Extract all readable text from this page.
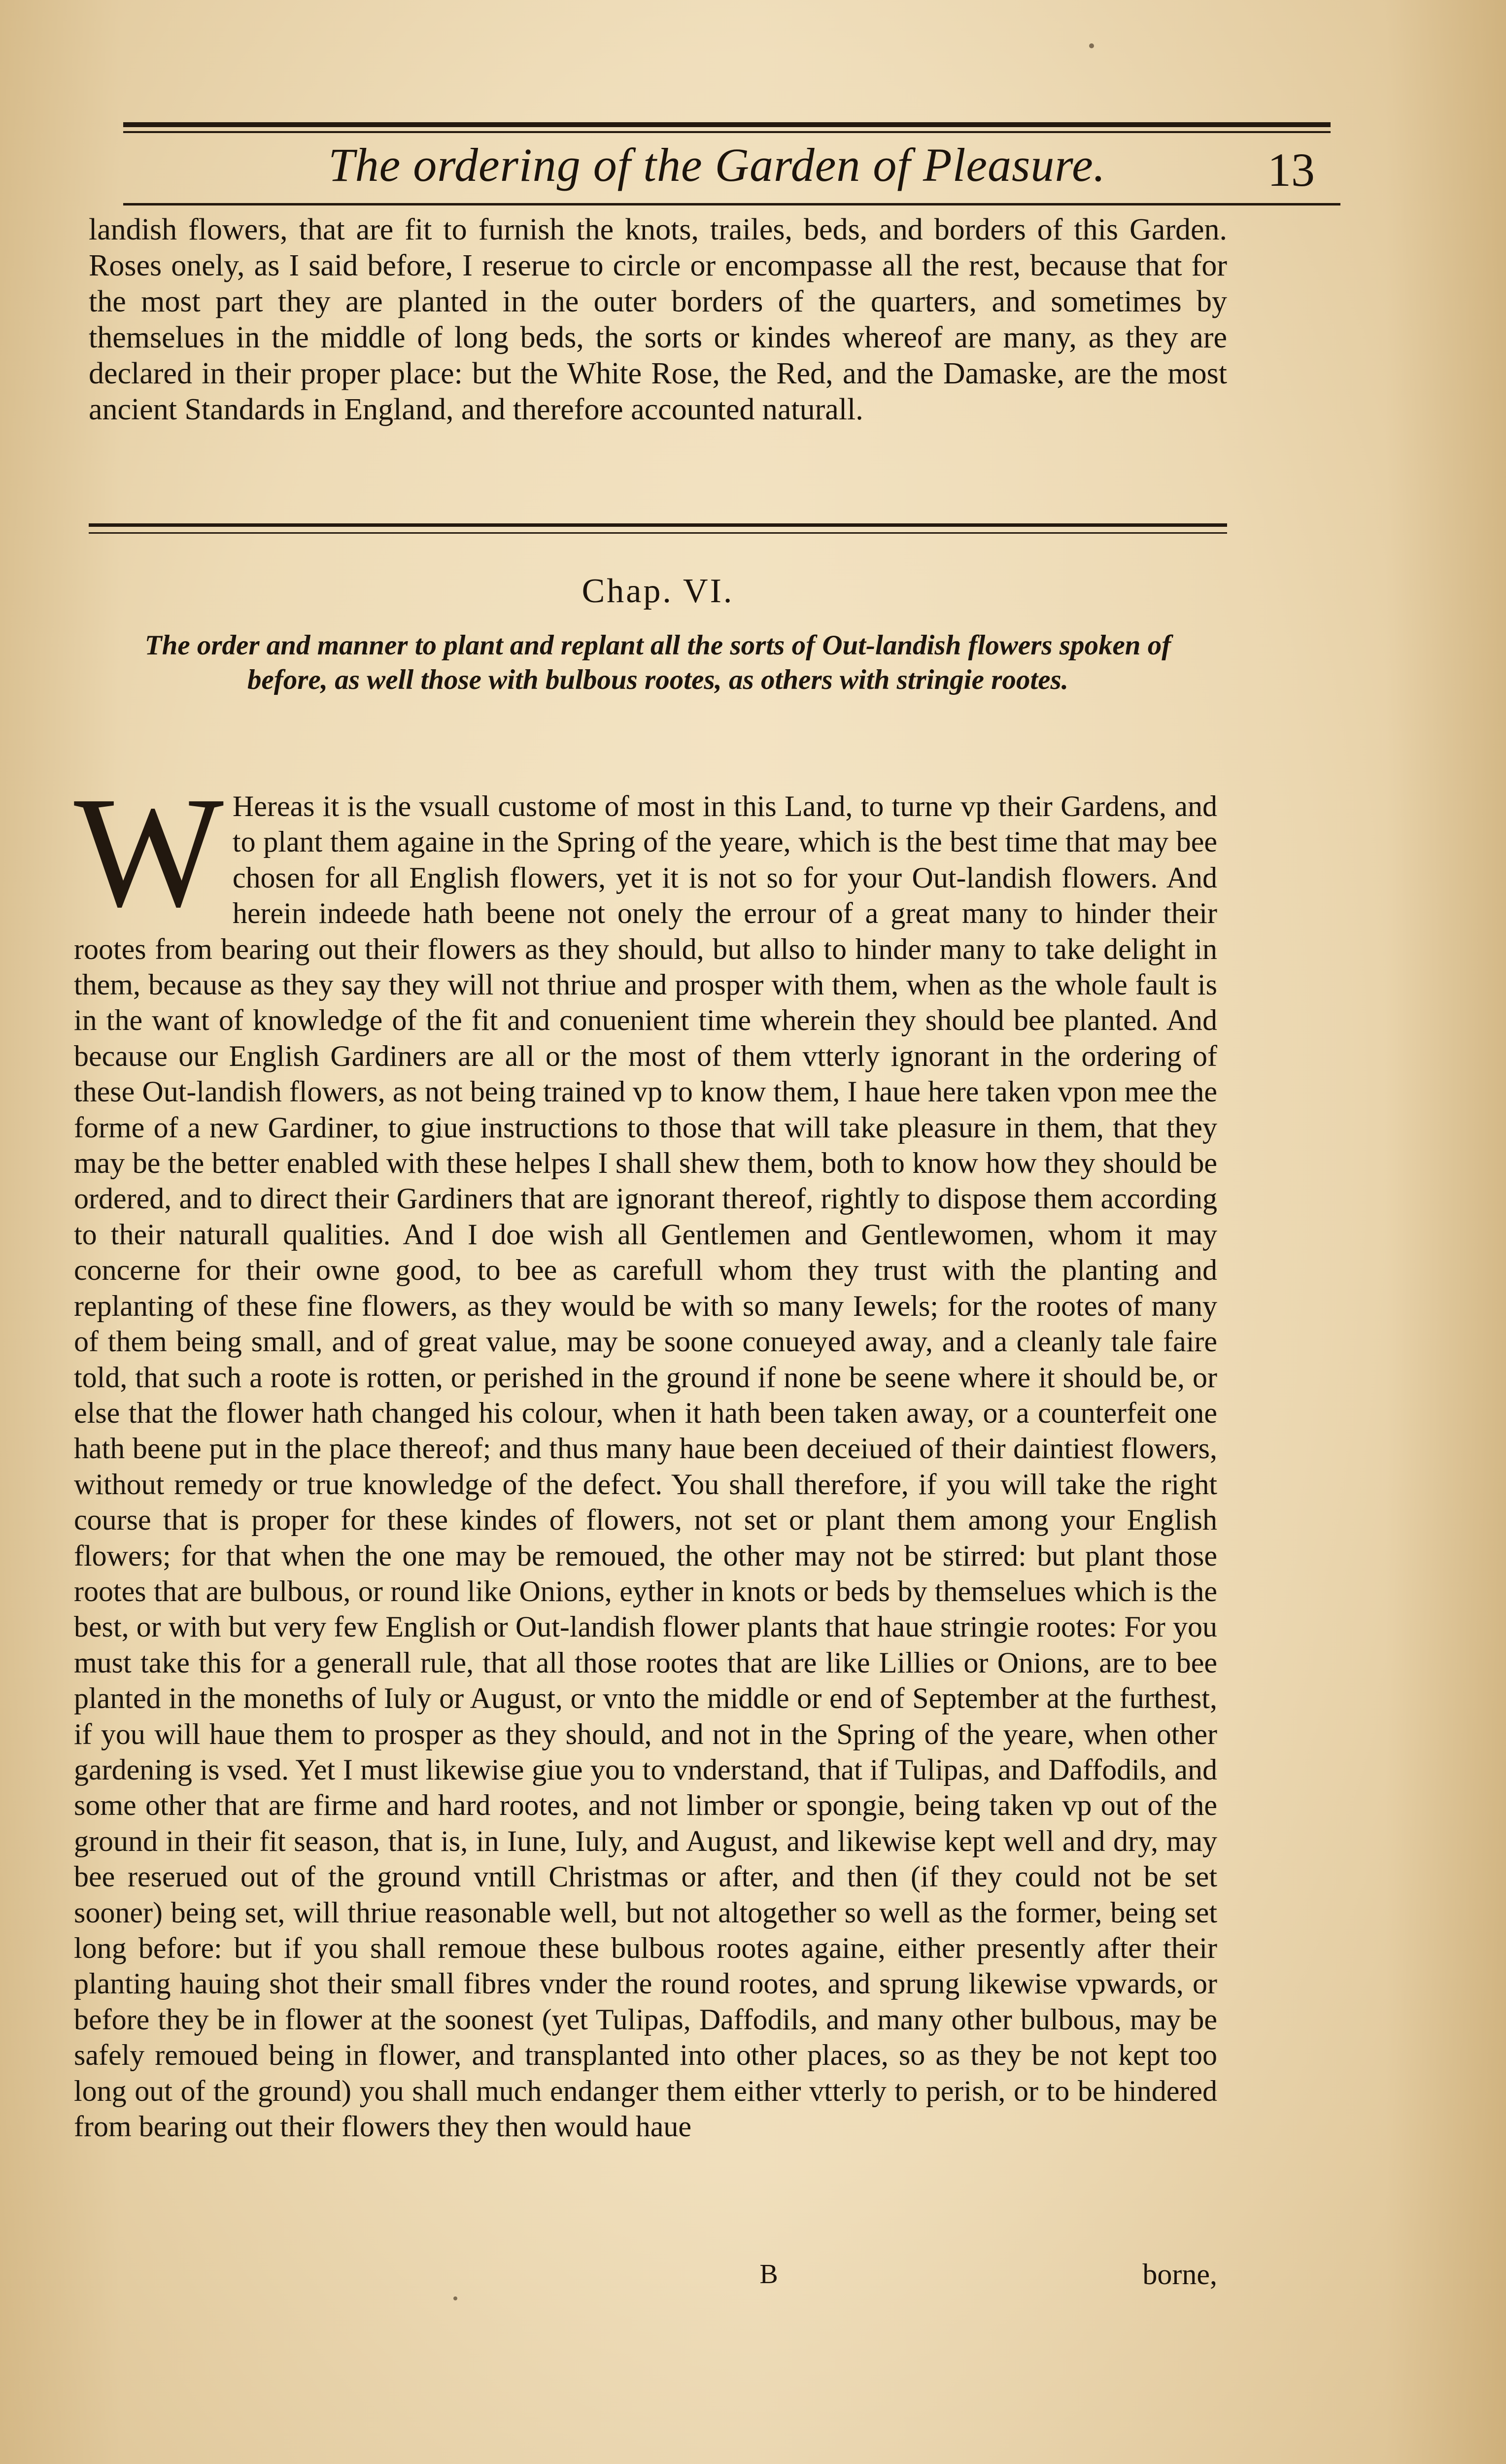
The ordering of the Garden of Pleasure.	13
landish flowers, that are fit to furnish the knots, trailes, beds, and borders of this Garden. Roses onely, as I said before, I reserue to circle or encompasse all the rest, because that for the most part they are planted in the outer borders of the quarters, and sometimes by themselues in the middle of long beds, the sorts or kindes whereof are many, as they are declared in their proper place: but the White Rose, the Red, and the Damaske, are the most ancient Standards in England, and therefore accounted naturall.
Chap. VI.
The order and manner to plant and replant all the sorts of Out-landish flowers spoken of before, as well those with bulbous rootes, as others with stringie rootes.
W Hereas it is the vsuall custome of most in this Land, to turne vp their Gardens, and to plant them againe in the Spring of the yeare, which is the best time that may bee chosen for all English flowers, yet it is not so for your Out-landish flowers. And herein indeede hath beene not onely the errour of a great many to hinder their rootes from bearing out their flowers as they should, but allso to hinder many to take delight in them, because as they say they will not thriue and prosper with them, when as the whole fault is in the want of knowledge of the fit and conuenient time wherein they should bee planted. And because our English Gardiners are all or the most of them vtterly ignorant in the ordering of these Out-landish flowers, as not being trained vp to know them, I haue here taken vpon mee the forme of a new Gardiner, to giue instructions to those that will take pleasure in them, that they may be the better enabled with these helpes I shall shew them, both to know how they should be ordered, and to direct their Gardiners that are ignorant thereof, rightly to dispose them according to their naturall qualities. And I doe wish all Gentlemen and Gentlewomen, whom it may concerne for their owne good, to bee as carefull whom they trust with the planting and replanting of these fine flowers, as they would be with so many Iewels; for the rootes of many of them being small, and of great value, may be soone conueyed away, and a cleanly tale faire told, that such a roote is rotten, or perished in the ground if none be seene where it should be, or else that the flower hath changed his colour, when it hath been taken away, or a counterfeit one hath beene put in the place thereof; and thus many haue been deceiued of their daintiest flowers, without remedy or true knowledge of the defect. You shall therefore, if you will take the right course that is proper for these kindes of flowers, not set or plant them among your English flowers; for that when the one may be remoued, the other may not be stirred: but plant those rootes that are bulbous, or round like Onions, eyther in knots or beds by themselues which is the best, or with but very few English or Out-landish flower plants that haue stringie rootes: For you must take this for a generall rule, that all those rootes that are like Lillies or Onions, are to bee planted in the moneths of Iuly or August, or vnto the middle or end of September at the furthest, if you will haue them to prosper as they should, and not in the Spring of the yeare, when other gardening is vsed. Yet I must likewise giue you to vnderstand, that if Tulipas, and Daffodils, and some other that are firme and hard rootes, and not limber or spongie, being taken vp out of the ground in their fit season, that is, in Iune, Iuly, and August, and likewise kept well and dry, may bee reserued out of the ground vntill Christmas or after, and then (if they could not be set sooner) being set, will thriue reasonable well, but not altogether so well as the former, being set long before: but if you shall remoue these bulbous rootes againe, either presently after their planting hauing shot their small fibres vnder the round rootes, and sprung likewise vpwards, or before they be in flower at the soonest (yet Tulipas, Daffodils, and many other bulbous, may be safely remoued being in flower, and transplanted into other places, so as they be not kept too long out of the ground) you shall much endanger them either vtterly to perish, or to be hindered from bearing out their flowers they then would haue
B	borne,
